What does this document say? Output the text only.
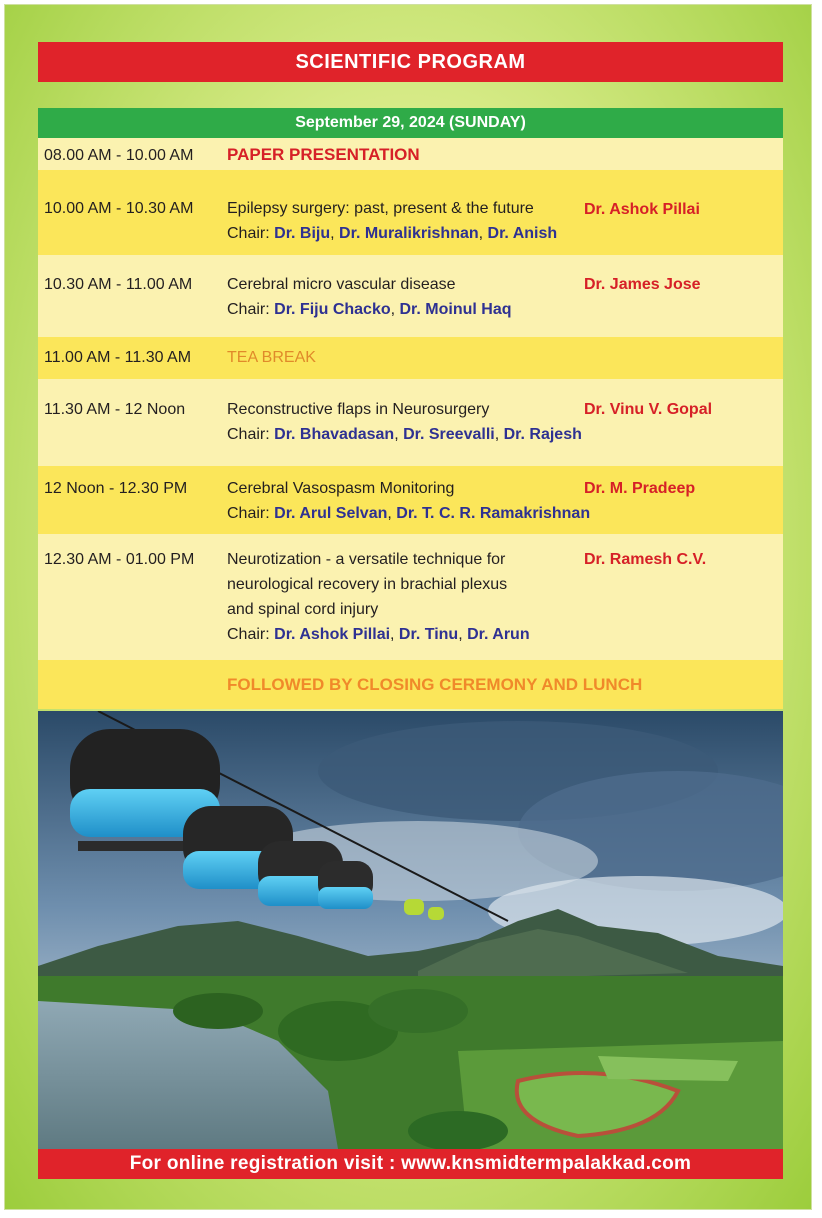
SCIENTIFIC PROGRAM
September 29, 2024 (SUNDAY)
08.00 AM - 10.00 AM PAPER PRESENTATION
10.00 AM - 10.30 AM Epilepsy surgery: past, present & the future
Chair: Dr. Biju, Dr. Muralikrishnan, Dr. Anish
Dr. Ashok Pillai
10.30 AM - 11.00 AM Cerebral micro vascular disease
Chair: Dr. Fiju Chacko, Dr. Moinul Haq
Dr. James Jose
11.00 AM - 11.30 AM TEA BREAK
11.30 AM - 12 Noon	Reconstructive flaps in Neurosurgery
Chair: Dr. Bhavadasan, Dr. Sreevalli, Dr. Rajesh
Dr. Vinu V. Gopal
12 Noon - 12.30 PM Cerebral Vasospasm Monitoring
Chair: Dr. Arul Selvan, Dr. T. C. R. Ramakrishnan
Dr. M. Pradeep
12.30 AM - 01.00 PM Neurotization - a versatile technique for
neurological recovery in brachial plexus
and spinal cord injury
Chair: Dr. Ashok Pillai, Dr. Tinu, Dr. Arun
Dr. Ramesh C.V.
FOLLOWED BY CLOSING CEREMONY AND LUNCH
For online registration visit : www.knsmidtermpalakkad.com
